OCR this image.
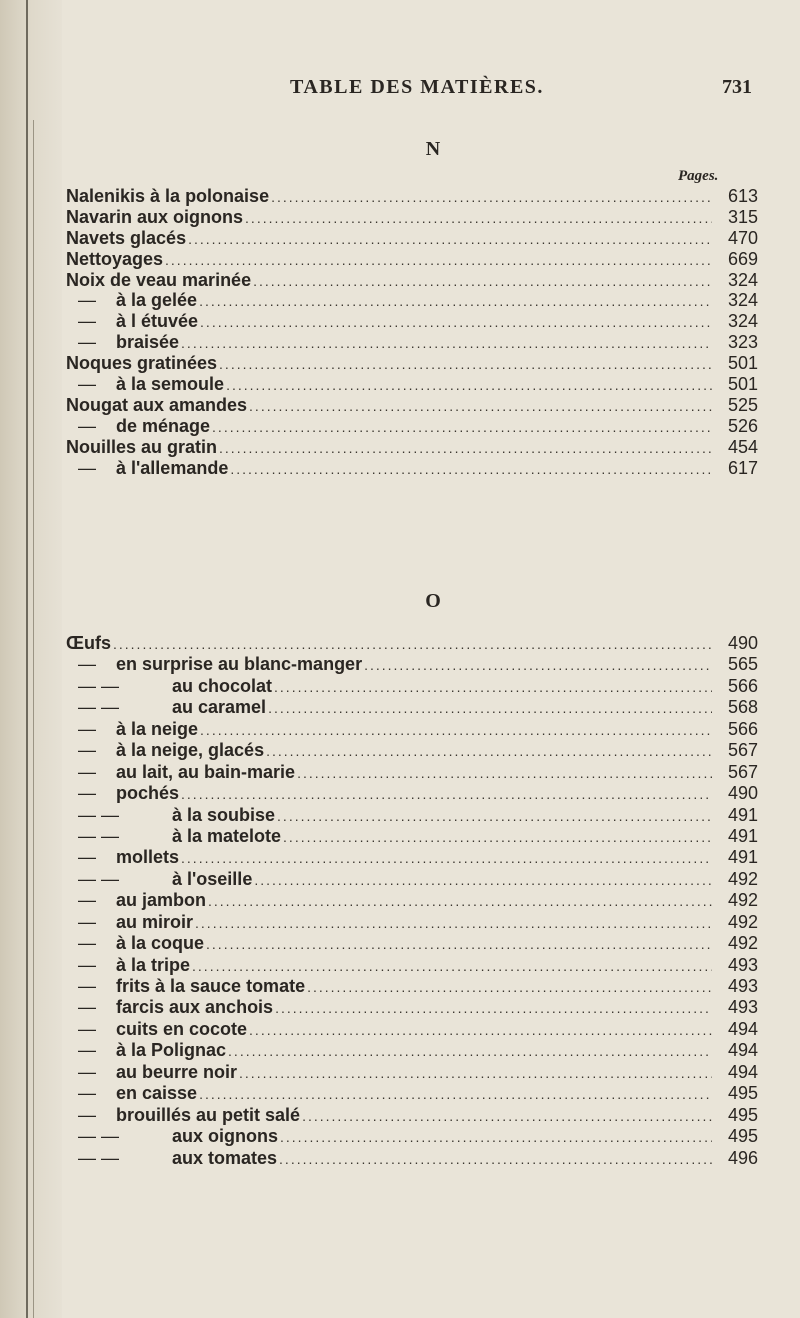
TABLE DES MATIÈRES.	731
N
Pages.
Nalenikis à la polonaise .....	613
Navarin aux oignons .....	315
Navets glacés .....	470
Nettoyages .....	669
Noix de veau marinée .....	324
— à la gelée .....	324
— à l étuvée .....	324
— braisée .....	323
Noques gratinées .....	501
— à la semoule .....	501
Nougat aux amandes .....	525
— de ménage .....	526
Nouilles au gratin .....	454
— à l'allemande .....	617
O
Œufs .....	490
— en surprise au blanc-manger .....	565
— —	au chocolat .....	566
— —	au caramel .....	568
— à la neige .....	566
— à la neige, glacés .....	567
— au lait, au bain-marie .....	567
— pochés .....	490
— —	à la soubise .....	491
— —	à la matelote .....	491
— mollets .....	491
— —	à l'oseille .....	492
— au jambon .....	492
— au miroir .....	492
— à la coque .....	492
— à la tripe .....	493
— frits à la sauce tomate .....	493
— farcis aux anchois .....	493
— cuits en cocote .....	494
— à la Polignac .....	494
— au beurre noir .....	494
— en caisse .....	495
— brouillés au petit salé .....	495
— —	aux oignons .....	495
— —	aux tomates .....	496
